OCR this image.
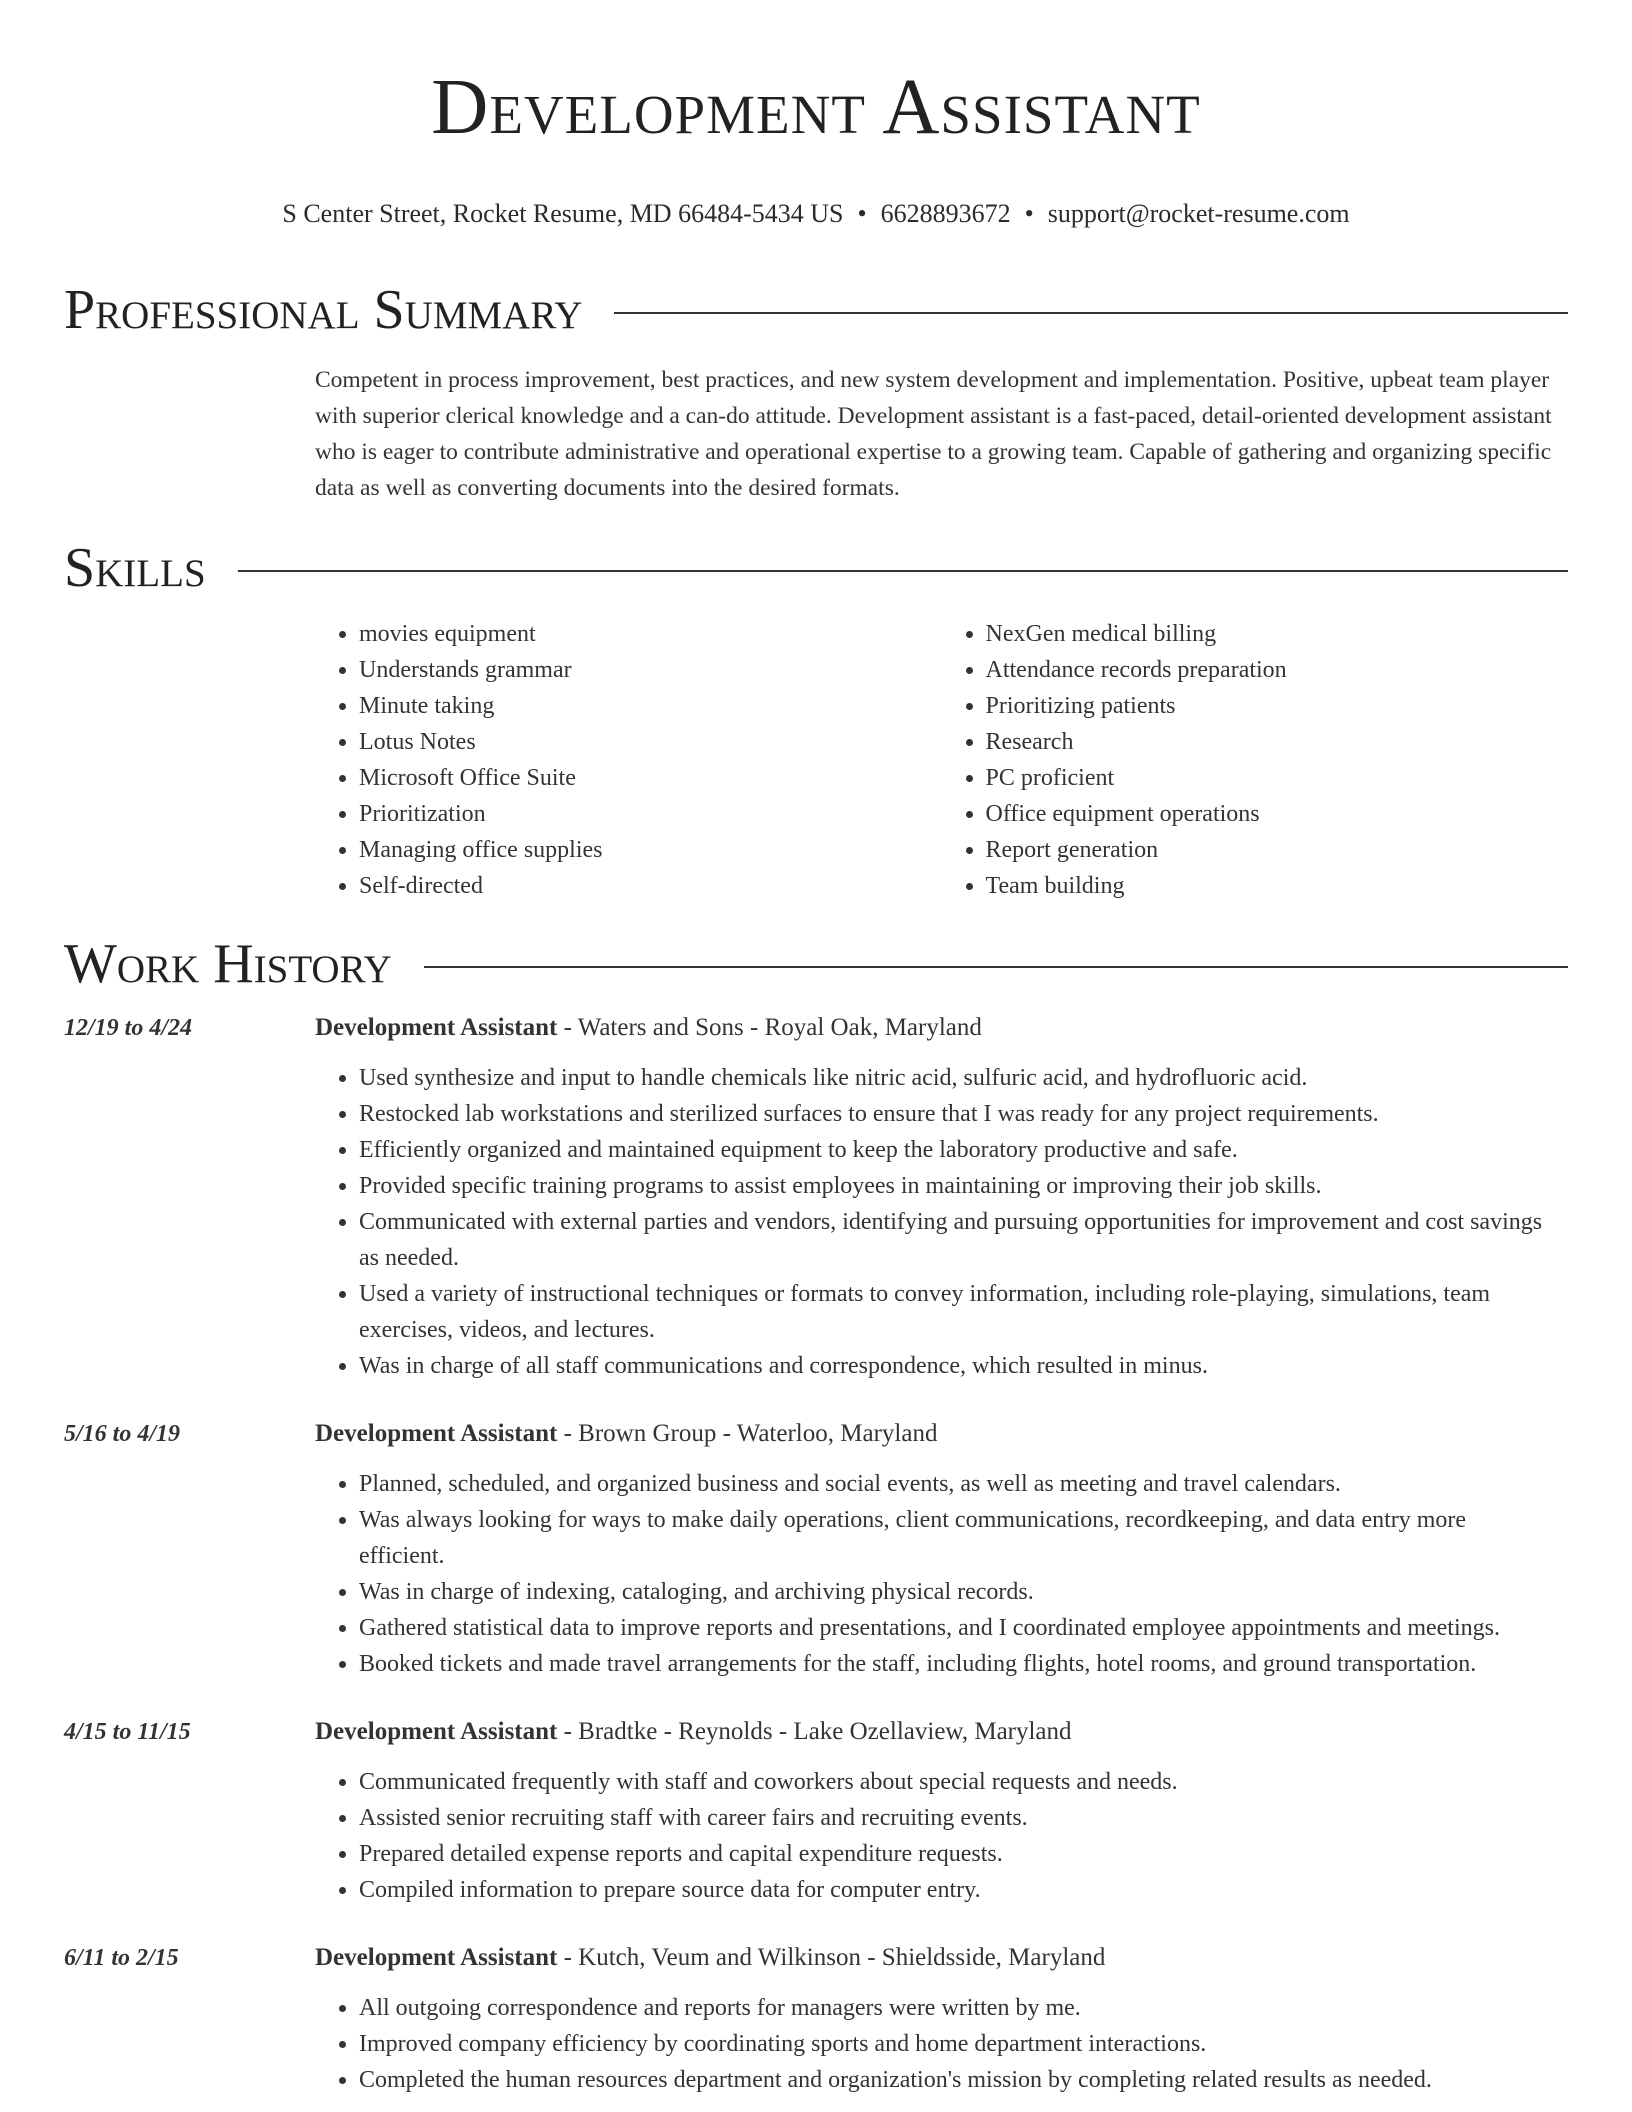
Development Assistant
S Center Street, Rocket Resume, MD 66484-5434 US • 6628893672 • support@rocket-resume.com
Professional Summary

Competent in process improvement, best practices, and new system development and implementation. Positive, upbeat team player with superior clerical knowledge and a can-do attitude. Development assistant is a fast-paced, detail-oriented development assistant who is eager to contribute administrative and operational expertise to a growing team. Capable of gathering and organizing specific data as well as converting documents into the desired formats.

Skills
• movies equipment
• Understands grammar
• Minute taking
• Lotus Notes
• Microsoft Office Suite
• Prioritization
• Managing office supplies
• Self-directed
• NexGen medical billing
• Attendance records preparation
• Prioritizing patients
• Research
• PC proficient
• Office equipment operations
• Report generation
• Team building
Work History
12/19 to 4/24	Development Assistant - Waters and Sons - Royal Oak, Maryland
• Used synthesize and input to handle chemicals like nitric acid, sulfuric acid, and hydrofluoric acid.
• Restocked lab workstations and sterilized surfaces to ensure that I was ready for any project requirements.
• Efficiently organized and maintained equipment to keep the laboratory productive and safe.
• Provided specific training programs to assist employees in maintaining or improving their job skills.
• Communicated with external parties and vendors, identifying and pursuing opportunities for improvement and cost savings as needed.
• Used a variety of instructional techniques or formats to convey information, including role-playing, simulations, team exercises, videos, and lectures.
• Was in charge of all staff communications and correspondence, which resulted in minus.
5/16 to 4/19	Development Assistant - Brown Group - Waterloo, Maryland
• Planned, scheduled, and organized business and social events, as well as meeting and travel calendars.
• Was always looking for ways to make daily operations, client communications, recordkeeping, and data entry more efficient.
• Was in charge of indexing, cataloging, and archiving physical records.
• Gathered statistical data to improve reports and presentations, and I coordinated employee appointments and meetings.
• Booked tickets and made travel arrangements for the staff, including flights, hotel rooms, and ground transportation.
4/15 to 11/15	Development Assistant - Bradtke - Reynolds - Lake Ozellaview, Maryland
• Communicated frequently with staff and coworkers about special requests and needs.
• Assisted senior recruiting staff with career fairs and recruiting events.
• Prepared detailed expense reports and capital expenditure requests.
• Compiled information to prepare source data for computer entry.
6/11 to 2/15	Development Assistant - Kutch, Veum and Wilkinson - Shieldsside, Maryland
• All outgoing correspondence and reports for managers were written by me.
• Improved company efficiency by coordinating sports and home department interactions.
• Completed the human resources department and organization's mission by completing related results as needed.
